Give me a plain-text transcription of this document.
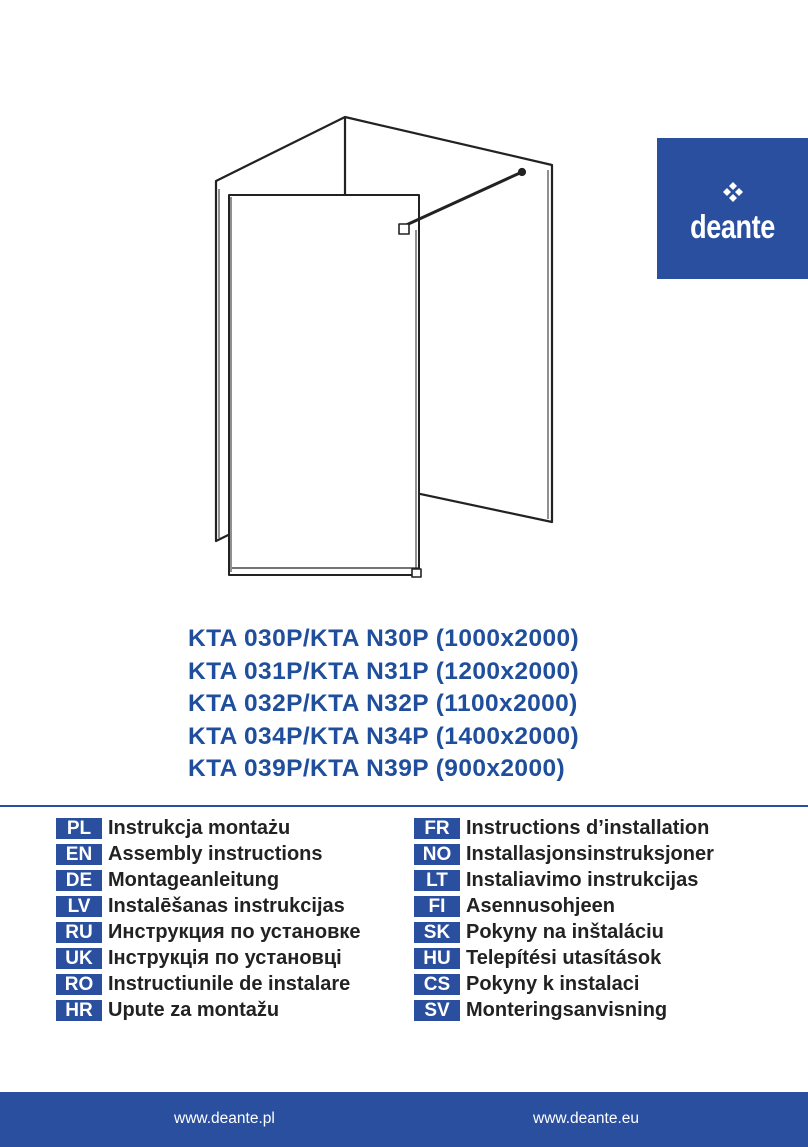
deante
KTA 030P/KTA N30P (1000x2000)
KTA 031P/KTA N31P (1200x2000)
KTA 032P/KTA N32P (1100x2000)
KTA 034P/KTA N34P (1400x2000)
KTA 039P/KTA N39P (900x2000)
PL Instrukcja montażu
EN Assembly instructions
DE Montageanleitung
LV Instalēšanas instrukcijas
RU Инструкция по установке
UK Інструкція по установці
RO Instructiunile de instalare
HR Upute za montažu
FR Instructions d’installation
NO Installasjonsinstruksjoner
LT Instaliavimo instrukcijas
FI	Asennusohjeen
SK Pokyny na inštaláciu
HU Telepítési utasítások
CS Pokyny k instalaci
SV Monteringsanvisning
www.deante.pl	www.deante.eu
